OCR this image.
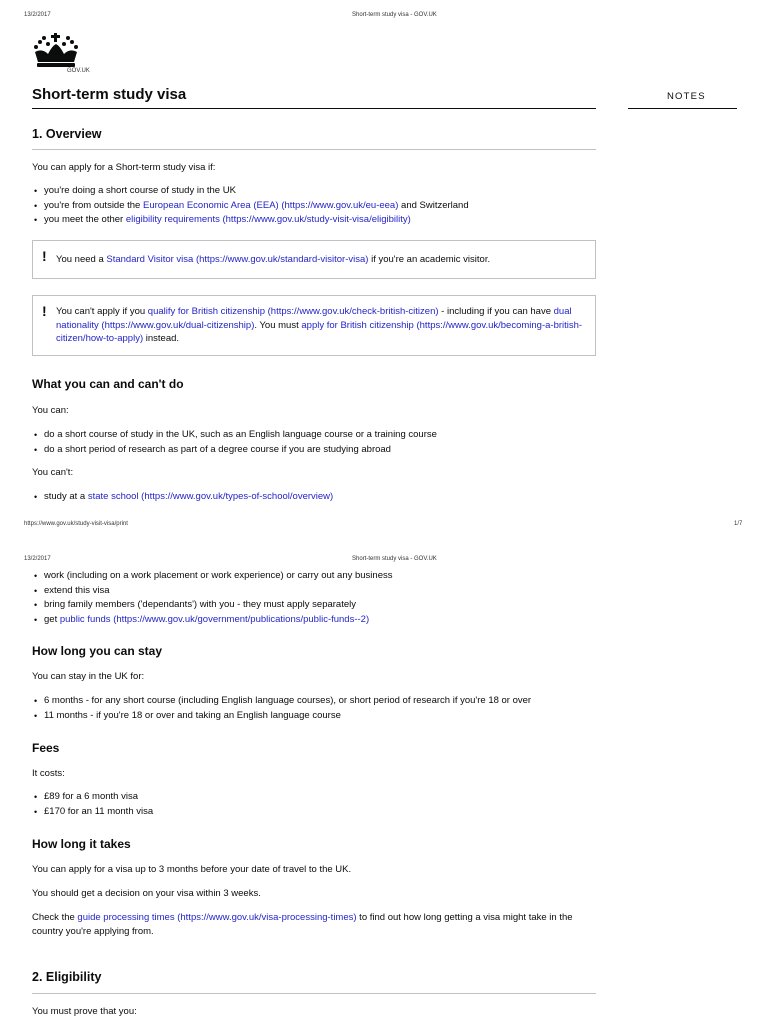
13/2/2017	Short-term study visa - GOV.UK
GOV.UK
Short-term study visa	NOTES
1. Overview
You can apply for a Short-term study visa if:
• you're doing a short course of study in the UK
• you're from outside the European Economic Area (EEA) (https://www.gov.uk/eu-eea) and Switzerland
• you meet the other eligibility requirements (https://www.gov.uk/study-visit-visa/eligibility)
! You need a Standard Visitor visa (https://www.gov.uk/standard-visitor-visa) if you're an academic visitor.
! You can't apply if you qualify for British citizenship (https://www.gov.uk/check-british-citizen) - including if you can have dual nationality (https://www.gov.uk/dual-citizenship). You must apply for British citizenship (https://www.gov.uk/becoming-a-british-citizen/how-to-apply) instead.
What you can and can't do
You can:
• do a short course of study in the UK, such as an English language course or a training course
• do a short period of research as part of a degree course if you are studying abroad
You can't:
• study at a state school (https://www.gov.uk/types-of-school/overview)
https://www.gov.uk/study-visit-visa/print	1/7
13/2/2017	Short-term study visa - GOV.UK
• work (including on a work placement or work experience) or carry out any business
• extend this visa
• bring family members ('dependants') with you - they must apply separately
• get public funds (https://www.gov.uk/government/publications/public-funds--2)
How long you can stay
You can stay in the UK for:
• 6 months - for any short course (including English language courses), or short period of research if you're 18 or over
• 11 months - if you're 18 or over and taking an English language course
Fees
It costs:
• £89 for a 6 month visa
• £170 for an 11 month visa
How long it takes
You can apply for a visa up to 3 months before your date of travel to the UK.
You should get a decision on your visa within 3 weeks.
Check the guide processing times (https://www.gov.uk/visa-processing-times) to find out how long getting a visa might take in the country you're applying from.
2. Eligibility
You must prove that you:
